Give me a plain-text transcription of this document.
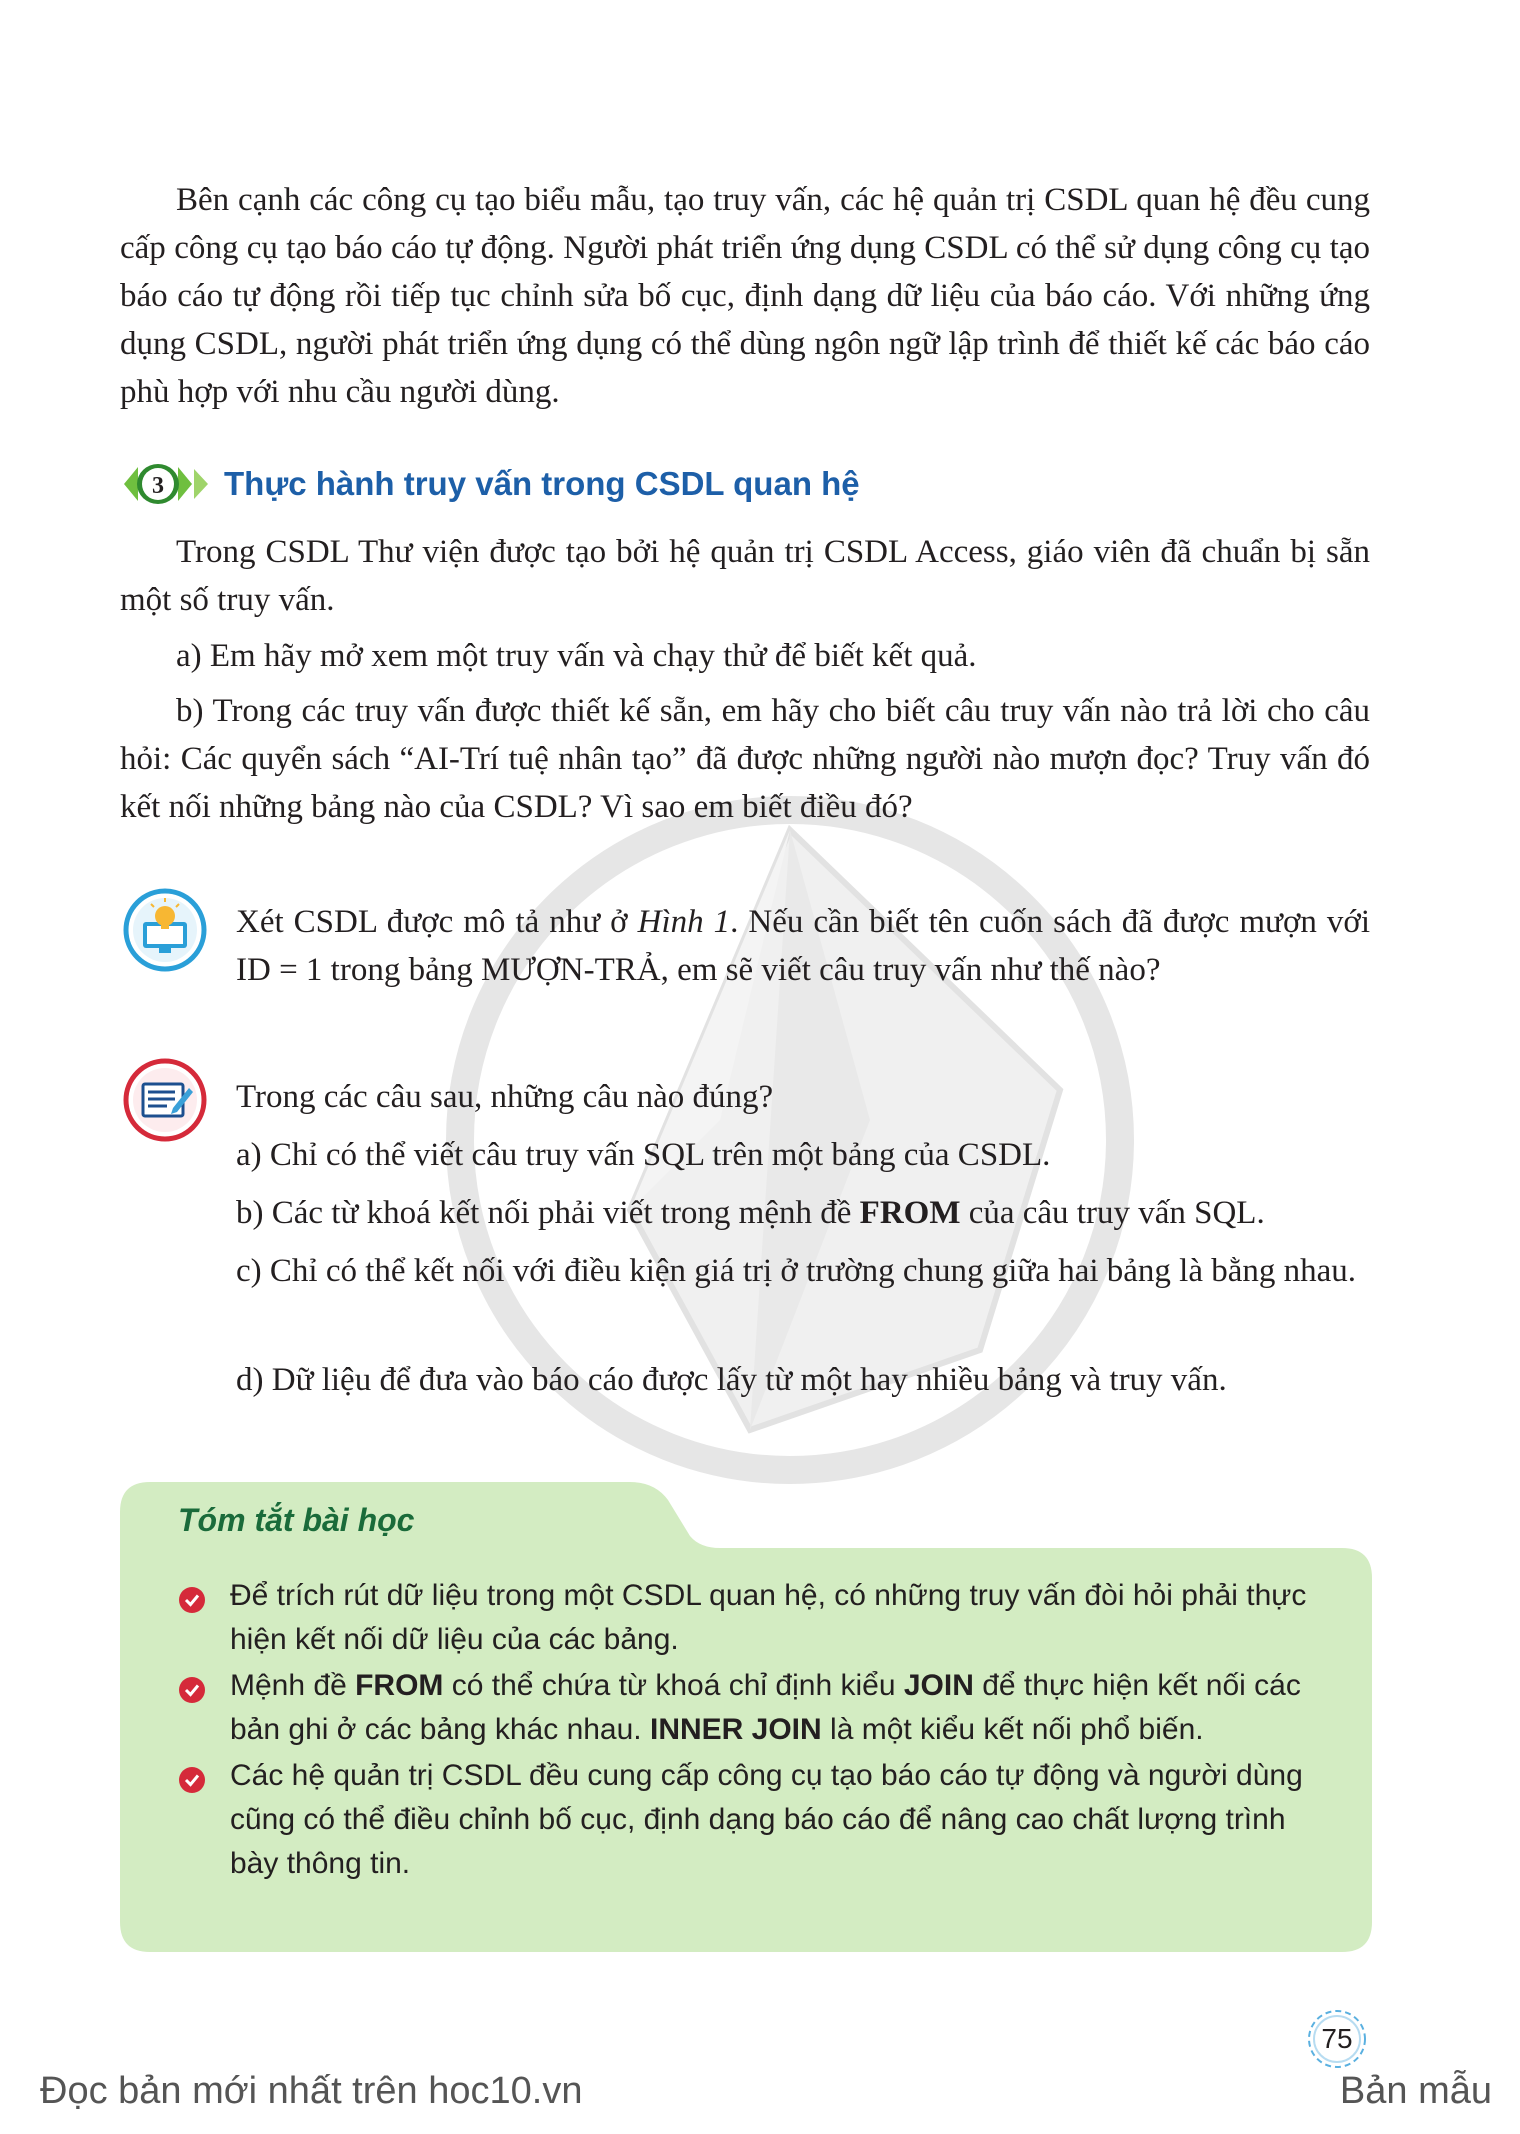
Bên cạnh các công cụ tạo biểu mẫu, tạo truy vấn, các hệ quản trị CSDL quan hệ đều cung cấp công cụ tạo báo cáo tự động. Người phát triển ứng dụng CSDL có thể sử dụng công cụ tạo báo cáo tự động rồi tiếp tục chỉnh sửa bố cục, định dạng dữ liệu của báo cáo. Với những ứng dụng CSDL, người phát triển ứng dụng có thể dùng ngôn ngữ lập trình để thiết kế các báo cáo phù hợp với nhu cầu người dùng.

3 Thực hành truy vấn trong CSDL quan hệ

Trong CSDL Thư viện được tạo bởi hệ quản trị CSDL Access, giáo viên đã chuẩn bị sẵn một số truy vấn.

a) Em hãy mở xem một truy vấn và chạy thử để biết kết quả.

b) Trong các truy vấn được thiết kế sẵn, em hãy cho biết câu truy vấn nào trả lời cho câu hỏi: Các quyển sách “AI-Trí tuệ nhân tạo” đã được những người nào mượn đọc? Truy vấn đó kết nối những bảng nào của CSDL? Vì sao em biết điều đó?

Xét CSDL được mô tả như ở Hình 1. Nếu cần biết tên cuốn sách đã được mượn với ID = 1 trong bảng MƯỢN-TRẢ, em sẽ viết câu truy vấn như thế nào?

Trong các câu sau, những câu nào đúng?

a) Chỉ có thể viết câu truy vấn SQL trên một bảng của CSDL.

b) Các từ khoá kết nối phải viết trong mệnh đề FROM của câu truy vấn SQL.

c) Chỉ có thể kết nối với điều kiện giá trị ở trường chung giữa hai bảng là bằng nhau.

d) Dữ liệu để đưa vào báo cáo được lấy từ một hay nhiều bảng và truy vấn.

Tóm tắt bài học

Để trích rút dữ liệu trong một CSDL quan hệ, có những truy vấn đòi hỏi phải thực hiện kết nối dữ liệu của các bảng.

Mệnh đề FROM có thể chứa từ khoá chỉ định kiểu JOIN để thực hiện kết nối các bản ghi ở các bảng khác nhau. INNER JOIN là một kiểu kết nối phổ biến.

Các hệ quản trị CSDL đều cung cấp công cụ tạo báo cáo tự động và người dùng cũng có thể điều chỉnh bố cục, định dạng báo cáo để nâng cao chất lượng trình bày thông tin.

75
Đọc bản mới nhất trên hoc10.vn	Bản mẫu
